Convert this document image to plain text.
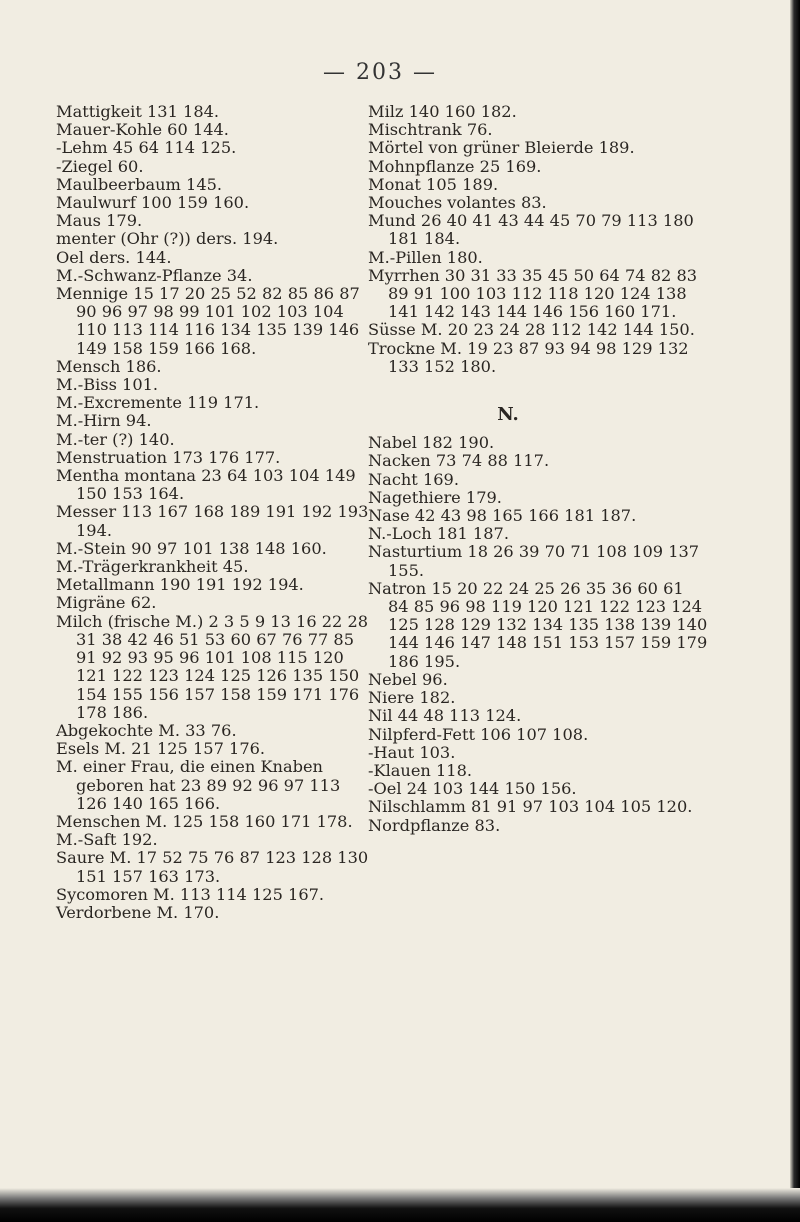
— 203 —
Mattigkeit 131 184.
Mauer-Kohle 60 144.
-Lehm 45 64 114 125.
-Ziegel 60.
Maulbeerbaum 145.
Maulwurf 100 159 160.
Maus 179.
menter (Ohr (?)) ders. 194.
Oel ders. 144.
M.-Schwanz-Pflanze 34.
Mennige 15 17 20 25 52 82 85 86 87 90 96 97 98 99 101 102 103 104 110 113 114 116 134 135 139 146 149 158 159 166 168.
Mensch 186.
M.-Biss 101.
M.-Excremente 119 171.
M.-Hirn 94.
M.-ter (?) 140.
Menstruation 173 176 177.
Mentha montana 23 64 103 104 149 150 153 164.
Messer 113 167 168 189 191 192 193 194.
M.-Stein 90 97 101 138 148 160.
M.-Trägerkrankheit 45.
Metallmann 190 191 192 194.
Migräne 62.
Milch (frische M.) 2 3 5 9 13 16 22 28 31 38 42 46 51 53 60 67 76 77 85 91 92 93 95 96 101 108 115 120 121 122 123 124 125 126 135 150 154 155 156 157 158 159 171 176 178 186.
Abgekochte M. 33 76.
Esels M. 21 125 157 176.
M. einer Frau, die einen Knaben geboren hat 23 89 92 96 97 113 126 140 165 166.
Menschen M. 125 158 160 171 178.
M.-Saft 192.
Saure M. 17 52 75 76 87 123 128 130 151 157 163 173.
Sycomoren M. 113 114 125 167.
Verdorbene M. 170.
Milz 140 160 182.
Mischtrank 76.
Mörtel von grüner Bleierde 189.
Mohnpflanze 25 169.
Monat 105 189.
Mouches volantes 83.
Mund 26 40 41 43 44 45 70 79 113 180 181 184.
M.-Pillen 180.
Myrrhen 30 31 33 35 45 50 64 74 82 83 89 91 100 103 112 118 120 124 138 141 142 143 144 146 156 160 171.
Süsse M. 20 23 24 28 112 142 144 150.
Trockne M. 19 23 87 93 94 98 129 132 133 152 180.
N.
Nabel 182 190.
Nacken 73 74 88 117.
Nacht 169.
Nagethiere 179.
Nase 42 43 98 165 166 181 187.
N.-Loch 181 187.
Nasturtium 18 26 39 70 71 108 109 137 155.
Natron 15 20 22 24 25 26 35 36 60 61 84 85 96 98 119 120 121 122 123 124 125 128 129 132 134 135 138 139 140 144 146 147 148 151 153 157 159 179 186 195.
Nebel 96.
Niere 182.
Nil 44 48 113 124.
Nilpferd-Fett 106 107 108.
-Haut 103.
-Klauen 118.
-Oel 24 103 144 150 156.
Nilschlamm 81 91 97 103 104 105 120.
Nordpflanze 83.
